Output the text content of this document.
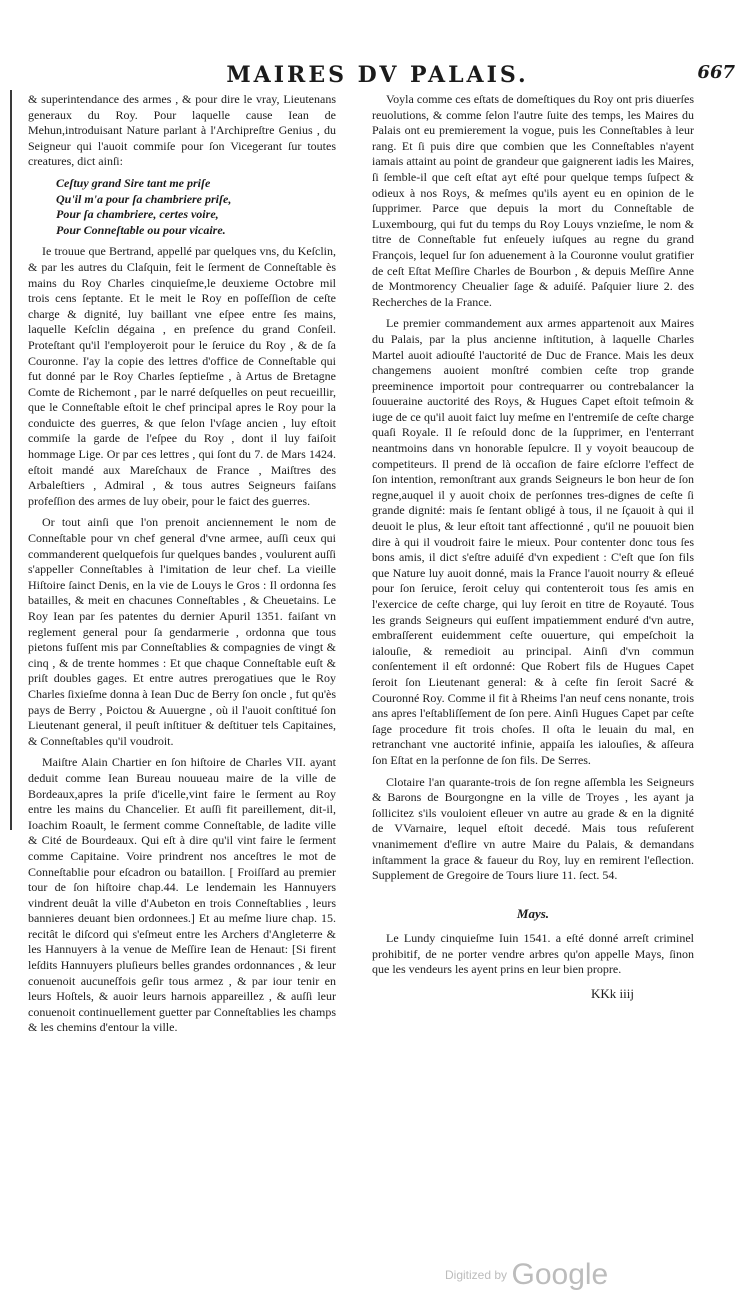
MAIRES DV PALAIS.	667

& superintendance des armes , & pour dire le vray, Lieutenans generaux du Roy. Pour laquelle cause Iean de Mehun,introduisant Nature parlant à l'Archipreſtre Genius , du Seigneur qui l'auoit commiſe pour ſon Vicegerant ſur toutes creatures, dict ainſi:

Ceſtuy grand Sire tant me priſe
Qu'il m'a pour ſa chambriere priſe,
Pour ſa chambriere, certes voire,
Pour Conneſtable ou pour vicaire.

Ie trouue que Bertrand, appellé par quelques vns, du Keſclin, & par les autres du Claſquin, feit le ſerment de Conneſtable ès mains du Roy Charles cinquieſme,le deuxieme Octobre mil trois cens ſeptante. Et le meit le Roy en poſſeſſion de ceſte charge & dignité, luy baillant vne eſpee entre ſes mains, laquelle Keſclin dégaina , en preſence du grand Conſeil. Proteſtant qu'il l'employeroit pour le ſeruice du Roy , & de ſa Couronne. I'ay la copie des lettres d'office de Conneſtable qui fut donné par le Roy Charles ſeptieſme , à Artus de Bretagne Comte de Richemont , par le narré deſquelles on peut recueillir, que le Conneſtable eſtoit le chef principal apres le Roy pour la conduicte des guerres, & que ſelon l'vſage ancien , luy eſtoit commiſe la garde de l'eſpee du Roy , dont il luy faiſoit hommage Lige. Or par ces lettres , qui ſont du 7. de Mars 1424. eſtoit mandé aux Mareſchaux de France , Maiſtres des Arbaleſtiers , Admiral , & tous autres Seigneurs faiſans profeſſion des armes de luy obeir, pour le faict des guerres.

Or tout ainſi que l'on prenoit anciennement le nom de Conneſtable pour vn chef general d'vne armee, auſſi ceux qui commanderent quelquefois ſur quelques bandes , voulurent auſſi s'appeller Conneſtables à l'imitation de leur chef. La vieille Hiſtoire ſainct Denis, en la vie de Louys le Gros : Il ordonna ſes batailles, & meit en chacunes Conneſtables , & Cheuetains. Le Roy Iean par ſes patentes du dernier Apuril 1351. faiſant vn reglement general pour ſa gendarmerie , ordonna que tous pietons fuſſent mis par Conneſtablies & compagnies de vingt & cinq , & de trente hommes : Et que chaque Conneſtable euſt & priſt doubles gages. Et entre autres prerogatiues que le Roy Charles ſixieſme donna à Iean Duc de Berry ſon oncle , fut qu'ès pays de Berry , Poictou & Auuergne , où il l'auoit conſtitué ſon Lieutenant general, il peuſt inſtituer & deſtituer tels Capitaines, & Conneſtables qu'il voudroit.

Maiſtre Alain Chartier en ſon hiſtoire de Charles VII. ayant deduit comme Iean Bureau nouueau maire de la ville de Bordeaux,apres la priſe d'icelle,vint faire le ſerment au Roy entre les mains du Chancelier. Et auſſi fit pareillement, dit-il, Ioachim Roault, le ſerment comme Conneſtable, de ladite ville & Cité de Bourdeaux. Qui eſt à dire qu'il vint faire le ſerment comme Capitaine. Voire prindrent nos anceſtres le mot de Conneſtablie pour eſcadron ou bataillon. [ Froiſſard au premier tour de ſon hiſtoire chap.44. Le lendemain les Hannuyers vindrent deuât la ville d'Aubeton en trois Conneſtablies , leurs bannieres deuant bien ordonnees.] Et au meſme liure chap. 15. recitât le diſcord qui s'eſmeut entre les Archers d'Angleterre & les Hannuyers à la venue de Meſſire Iean de Henaut: [Si firent leſdits Hannuyers pluſieurs belles grandes ordonnances , & leur conuenoit aucuneſfois geſir tous armez , & par iour tenir en leurs Hoſtels, & auoir leurs harnois appareillez , & auſſi leur conuenoit continuellement guetter par Conneſtablies les champs & les chemins d'entour la ville.

Voyla comme ces eſtats de domeſtiques du Roy ont pris diuerſes reuolutions, & comme ſelon l'autre ſuite des temps, les Maires du Palais ont eu premierement la vogue, puis les Conneſtables à leur rang. Et ſi puis dire que combien que les Conneſtables n'ayent iamais attaint au point de grandeur que gaignerent iadis les Maires, ſi ſemble-il que ceſt eſtat ayt eſté pour quelque temps ſuſpect & odieux à nos Roys, & meſmes qu'ils ayent eu en opinion de le ſupprimer. Parce que depuis la mort du Conneſtable de Luxembourg, qui fut du temps du Roy Louys vnzieſme, le nom & titre de Conneſtable fut enſeuely iuſques au regne du grand François, lequel ſur ſon aduenement à la Couronne voulut gratifier de ceſt Eſtat Meſſire Charles de Bourbon , & depuis Meſſire Anne de Montmorency Cheualier ſage & aduiſé. Paſquier liure 2. des Recherches de la France.

Le premier commandement aux armes appartenoit aux Maires du Palais, par la plus ancienne inſtitution, à laquelle Charles Martel auoit adiouſté l'auctorité de Duc de France. Mais les deux changemens auoient monſtré combien ceſte trop grande preeminence importoit pour contrequarrer ou contrebalancer la ſouueraine auctorité des Roys, & Hugues Capet eſtoit teſmoin & iuge de ce qu'il auoit faict luy meſme en l'entremiſe de ceſte charge quaſi Royale. Il ſe reſould donc de la ſupprimer, en l'enterrant neantmoins dans vn honorable ſepulcre. Il y voyoit beaucoup de competiteurs. Il prend de là occaſion de faire eſclorre l'effect de ſon intention, remonſtrant aux grands Seigneurs le bon heur de ſon regne,auquel il y auoit choix de perſonnes tres-dignes de ceſte ſi grande dignité: mais ſe ſentant obligé à tous, il ne ſçauoit à qui il deuoit le plus, & leur eſtoit tant affectionné , qu'il ne pouuoit bien dire à qui il voudroit faire le mieux. Pour contenter donc tous ſes bons amis, il dict s'eſtre aduiſé d'vn expedient : C'eſt que ſon fils que Nature luy auoit donné, mais la France l'auoit nourry & eſleué pour ſon ſeruice, ſeroit celuy qui contenteroit tous ſes amis en l'exercice de ceſte charge, qui luy ſeroit en titre de Royauté. Tous les grands Seigneurs qui euſſent impatiemment enduré d'vn autre, embraſſerent euidemment ceſte ouuerture, qui empeſchoit la ialouſie, & remedioit au principal. Ainſi d'vn commun conſentement il eſt ordonné: Que Robert fils de Hugues Capet ſeroit ſon Lieutenant general: & à ceſte fin ſeroit Sacré & Couronné Roy. Comme il fit à Rheims l'an neuf cens nonante, trois ans apres l'eſtabliſſement de ſon pere. Ainſi Hugues Capet par ceſte ſage procedure fit trois choſes. Il oſta le leuain du mal, en retranchant vne auctorité infinie, appaiſa les ialouſies, & aſſeura ſon Eſtat en la perſonne de ſon fils. De Serres.

Clotaire l'an quarante-trois de ſon regne aſſembla les Seigneurs & Barons de Bourgongne en la ville de Troyes , les ayant ja ſollicitez s'ils vouloient eſleuer vn autre au grade & en la dignité de VVarnaire, lequel eſtoit decedé. Mais tous reſuſerent vnanimement d'eſlire vn autre Maire du Palais, & demandans inſtamment la grace & faueur du Roy, luy en remirent l'eſlection. Supplement de Gregoire de Tours liure 11. ſect. 54.

Mays.

Le Lundy cinquieſme Iuin 1541. a eſté donné arreſt criminel prohibitif, de ne porter vendre arbres qu'on appelle Mays, ſinon que les vendeurs les ayent prins en leur bien propre.

KKk iiij
Digitized by Google
